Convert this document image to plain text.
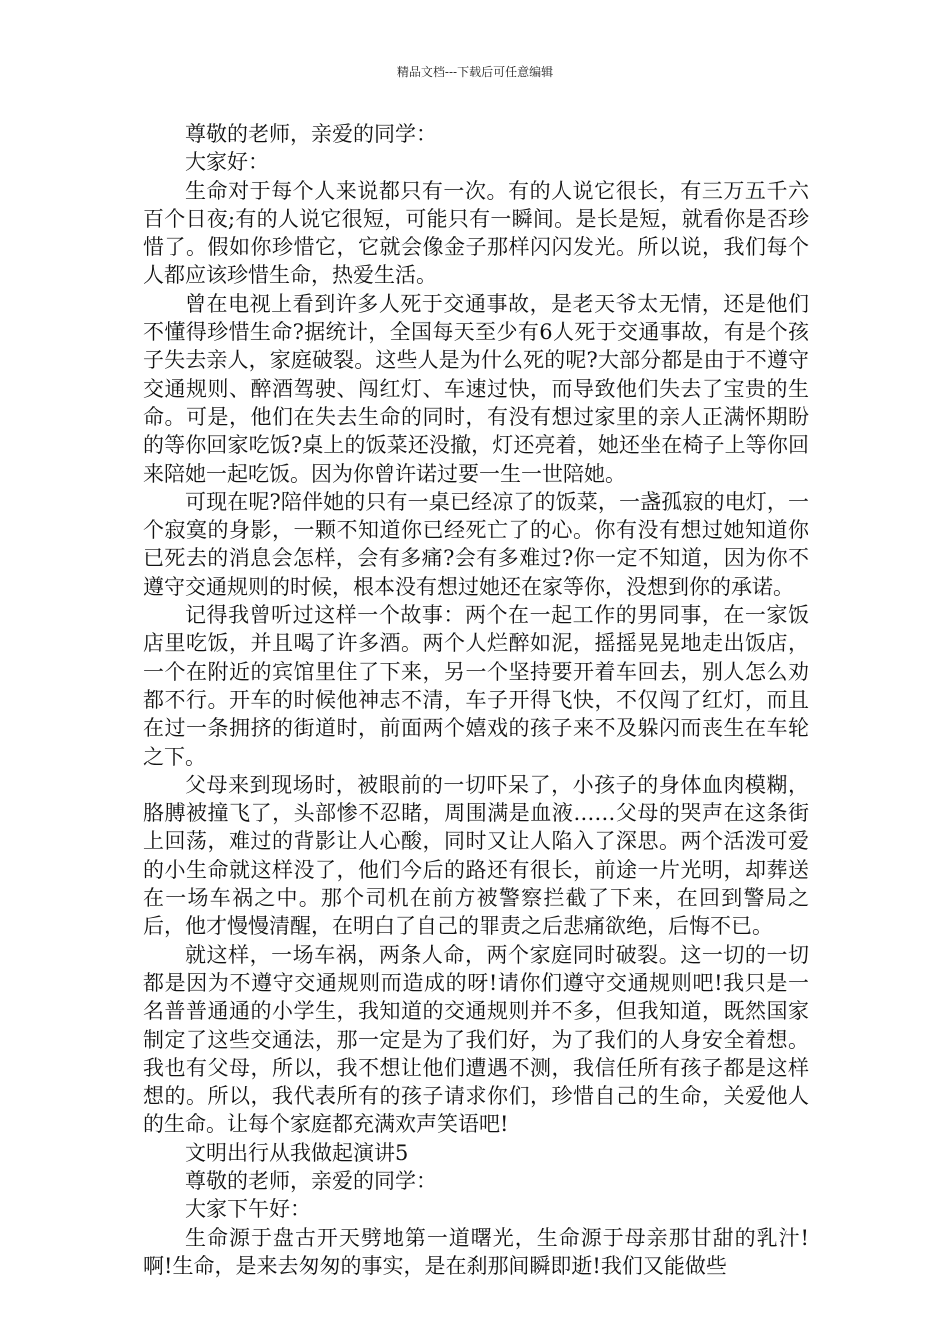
精品文档---下载后可任意编辑

尊敬的老师，亲爱的同学：

大家好：

生命对于每个人来说都只有一次。有的人说它很长，有三万五千六百个日夜;有的人说它很短，可能只有一瞬间。是长是短，就看你是否珍惜了。假如你珍惜它，它就会像金子那样闪闪发光。所以说，我们每个人都应该珍惜生命，热爱生活。

曾在电视上看到许多人死于交通事故，是老天爷太无情，还是他们不懂得珍惜生命?据统计，全国每天至少有6人死于交通事故，有是个孩子失去亲人，家庭破裂。这些人是为什么死的呢?大部分都是由于不遵守交通规则、醉酒驾驶、闯红灯、车速过快，而导致他们失去了宝贵的生命。可是，他们在失去生命的同时，有没有想过家里的亲人正满怀期盼的等你回家吃饭?桌上的饭菜还没撤，灯还亮着，她还坐在椅子上等你回来陪她一起吃饭。因为你曾许诺过要一生一世陪她。

可现在呢?陪伴她的只有一桌已经凉了的饭菜，一盏孤寂的电灯，一个寂寞的身影，一颗不知道你已经死亡了的心。你有没有想过她知道你已死去的消息会怎样，会有多痛?会有多难过?你一定不知道，因为你不遵守交通规则的时候，根本没有想过她还在家等你，没想到你的承诺。

记得我曾听过这样一个故事：两个在一起工作的男同事，在一家饭店里吃饭，并且喝了许多酒。两个人烂醉如泥，摇摇晃晃地走出饭店，一个在附近的宾馆里住了下来，另一个坚持要开着车回去，别人怎么劝都不行。开车的时候他神志不清，车子开得飞快，不仅闯了红灯，而且在过一条拥挤的街道时，前面两个嬉戏的孩子来不及躲闪而丧生在车轮之下。

父母来到现场时，被眼前的一切吓呆了，小孩子的身体血肉模糊，胳膊被撞飞了，头部惨不忍睹，周围满是血液……父母的哭声在这条街上回荡，难过的背影让人心酸，同时又让人陷入了深思。两个活泼可爱的小生命就这样没了，他们今后的路还有很长，前途一片光明，却葬送在一场车祸之中。那个司机在前方被警察拦截了下来，在回到警局之后，他才慢慢清醒，在明白了自己的罪责之后悲痛欲绝，后悔不已。

就这样，一场车祸，两条人命，两个家庭同时破裂。这一切的一切都是因为不遵守交通规则而造成的呀!请你们遵守交通规则吧!我只是一名普普通通的小学生，我知道的交通规则并不多，但我知道，既然国家制定了这些交通法，那一定是为了我们好，为了我们的人身安全着想。我也有父母，所以，我不想让他们遭遇不测，我信任所有孩子都是这样想的。所以，我代表所有的孩子请求你们，珍惜自己的生命，关爱他人的生命。让每个家庭都充满欢声笑语吧!

文明出行从我做起演讲5

尊敬的老师，亲爱的同学：

大家下午好：

生命源于盘古开天劈地第一道曙光，生命源于母亲那甘甜的乳汁!啊!生命，是来去匆匆的事实，是在刹那间瞬即逝!我们又能做些
